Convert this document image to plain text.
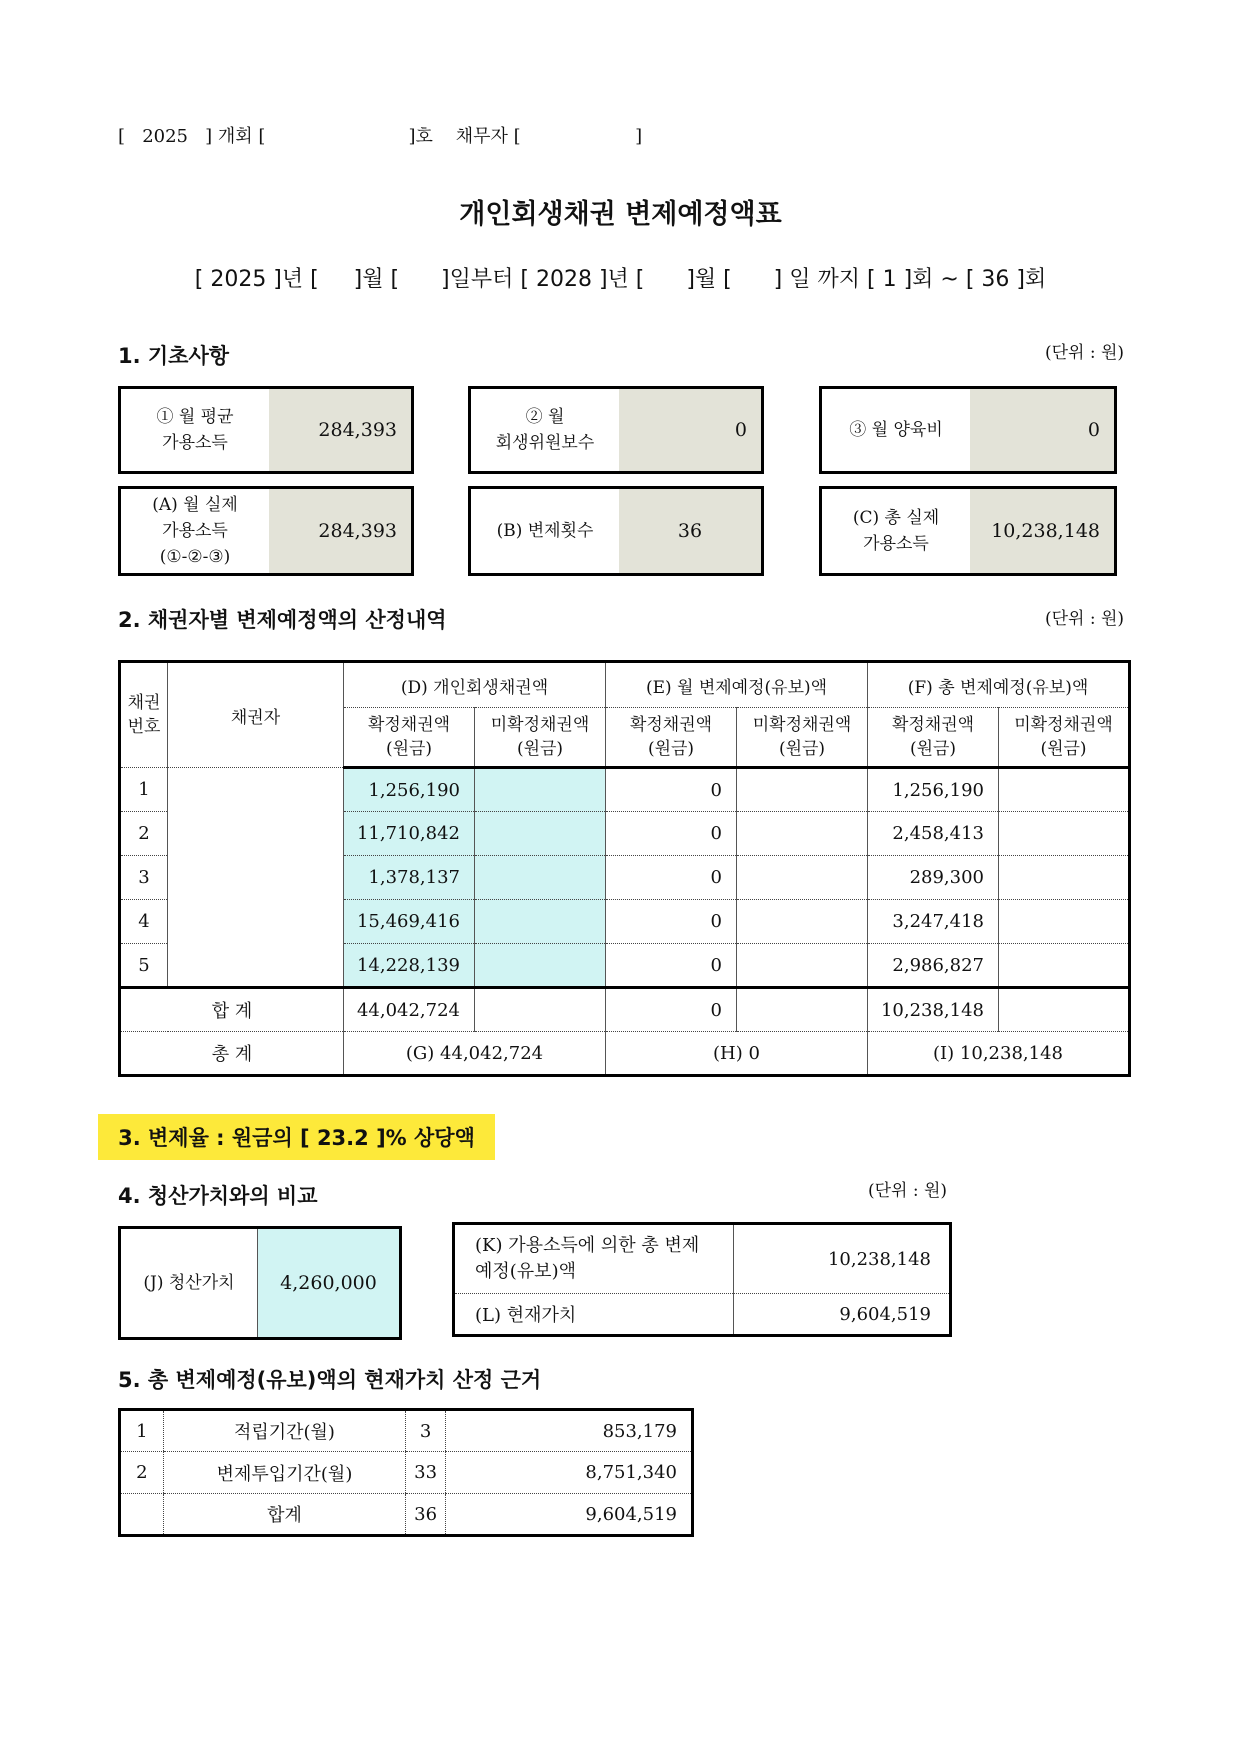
[   2025   ] 개회 [                         ]호    채무자 [                    ]
개인회생채권 변제예정액표
[ 2025 ]년 [     ]월 [      ]일부터 [ 2028 ]년 [      ]월 [      ] 일 까지 [ 1 ]회 ~ [ 36 ]회
1. 기초사항	(단위 : 원)
① 월 평균
가용소득
284,393
② 월
회생위원보수
0	③ 월 양육비	0
(A) 월 실제
가용소득
(①-②-③)
284,393	(B) 변제횟수	36
(C) 총 실제
가용소득
10,238,148
2. 채권자별 변제예정액의 산정내역	(단위 : 원)
채권
번호	채권자	(D) 개인회생채권액		(E) 월 변제예정(유보)액		(F) 총 변제예정(유보)액	
		확정채권액
(원금)	미확정채권액
(원금)	확정채권액
(원금)	미확정채권액
(원금)	확정채권액
(원금)	미확정채권액
(원금)
1		1,256,190		0		1,256,190	
2		11,710,842		0		2,458,413	
3		1,378,137		0		289,300	
4		15,469,416		0		3,247,418	
5		14,228,139		0		2,986,827	
합 계		44,042,724		0		10,238,148	
총 계		(G) 44,042,724		(H) 0		(I) 10,238,148	
3. 변제율 : 원금의 [ 23.2 ]% 상당액
4. 청산가치와의 비교	(단위 : 원)
(J) 청산가치	4,260,000
(K) 가용소득에 의한 총 변제
예정(유보)액	10,238,148
(L) 현재가치	9,604,519
5. 총 변제예정(유보)액의 현재가치 산정 근거
1	적립기간(월)	3	853,179
2	변제투입기간(월)	33	8,751,340
	합계	36	9,604,519
